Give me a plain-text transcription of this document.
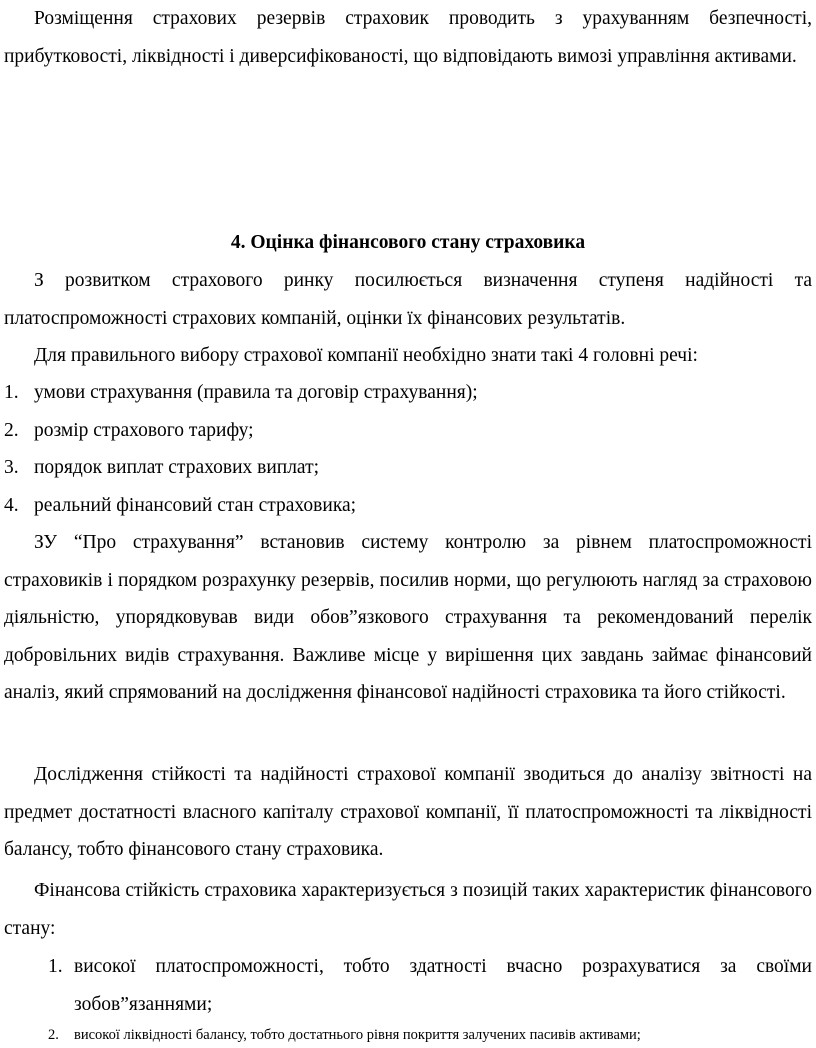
Розміщення страхових резервів страховик проводить з урахуванням безпечності, прибутковості, ліквідності і диверсифікованості, що відповідають вимозі управління активами.

4. Оцінка фінансового стану страховика

З розвитком страхового ринку посилюється визначення ступеня надійності та платоспроможності страхових компаній, оцінки їх фінансових результатів.

Для правильного вибору страхової компанії необхідно знати такі 4 головні речі:

1. умови страхування (правила та договір страхування);
2. розмір страхового тарифу;
3. порядок виплат страхових виплат;
4. реальний фінансовий стан страховика;

ЗУ “Про страхування” встановив систему контролю за рівнем платоспроможності страховиків і порядком розрахунку резервів, посилив норми, що регулюють нагляд за страховою діяльністю, упорядковував види обов”язкового страхування та рекомендований перелік добровільних видів страхування. Важливе місце у вирішення цих завдань займає фінансовий аналіз, який спрямований на дослідження фінансової надійності страховика та його стійкості.

Дослідження стійкості та надійності страхової компанії зводиться до аналізу звітності на предмет достатності власного капіталу страхової компанії, її платоспроможності та ліквідності балансу, тобто фінансового стану страховика.

Фінансова стійкість страховика характеризується з позицій таких характеристик фінансового стану:

1. високої платоспроможності, тобто здатності вчасно розрахуватися за своїми зобов”язаннями;
2.	високої ліквідності балансу, тобто достатнього рівня покриття залучених пасивів активами;
